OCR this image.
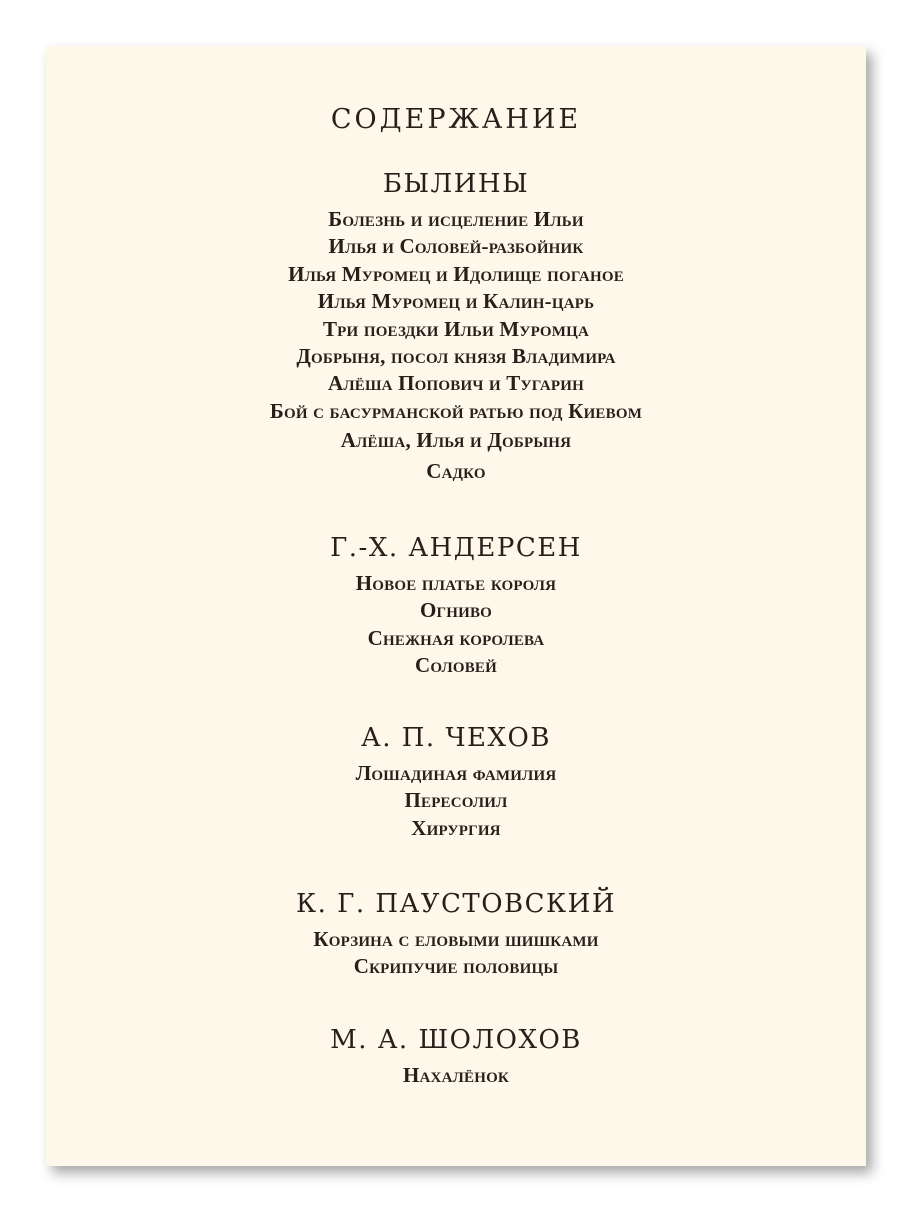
СОДЕРЖАНИЕ
БЫЛИНЫ
Болезнь и исцеление Ильи
Илья и Соловей-разбойник
Илья Муромец и Идолище поганое
Илья Муромец и Калин-царь
Три поездки Ильи Муромца
Добрыня, посол князя Владимира
Алёша Попович и Тугарин
Бой с басурманской ратью под Киевом
Алёша, Илья и Добрыня
Садко
Г.-Х. АНДЕРСЕН
Новое платье короля
Огниво
Снежная королева
Соловей
А. П. ЧЕХОВ
Лошадиная фамилия
Пересолил
Хирургия
К. Г. ПАУСТОВСКИЙ
Корзина с еловыми шишками
Скрипучие половицы
М. А. ШОЛОХОВ
Нахалёнок
